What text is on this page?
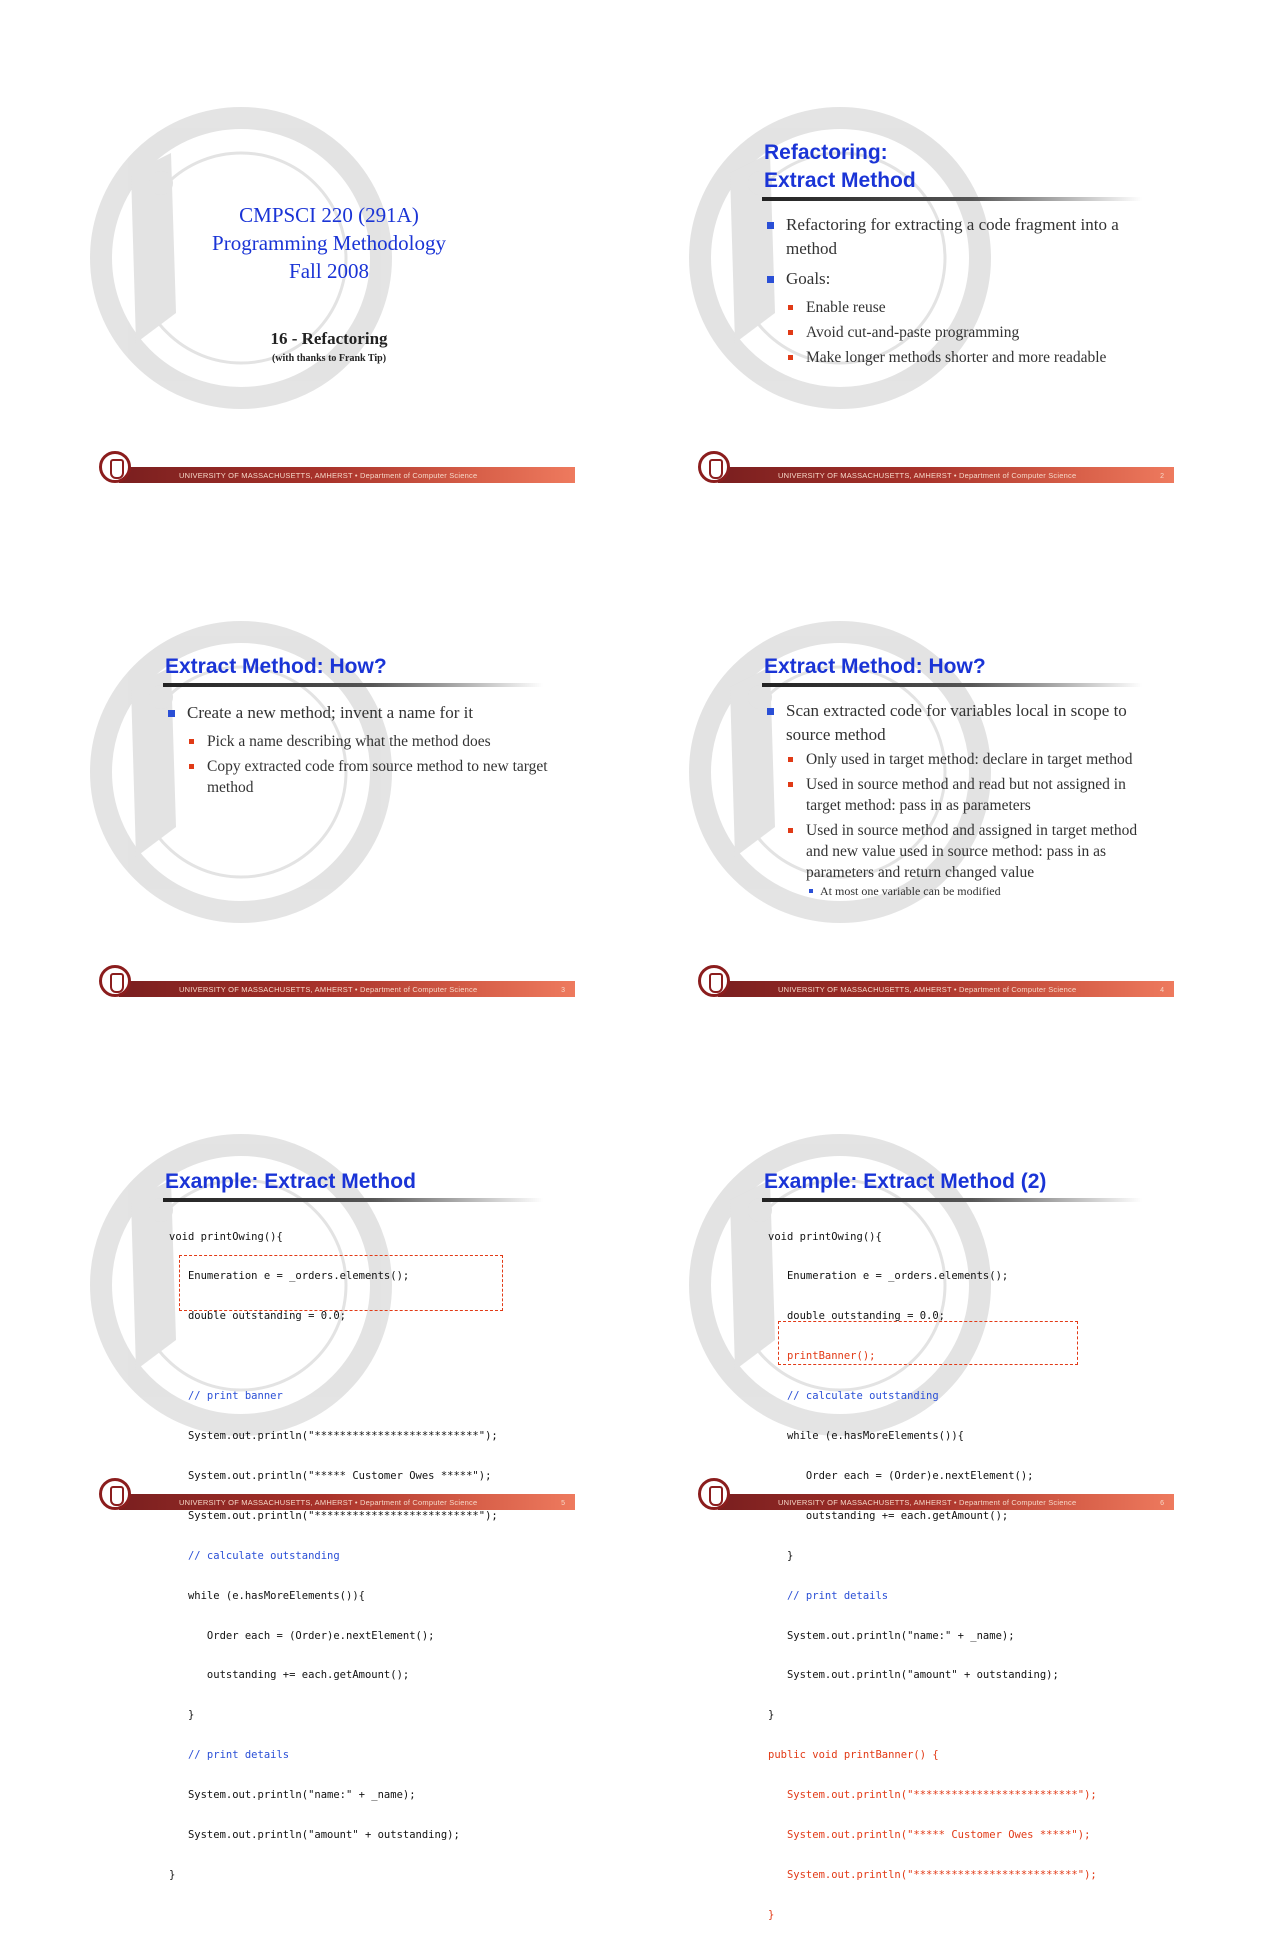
CMPSCI 220 (291A)
Programming Methodology
Fall 2008
16 - Refactoring
(with thanks to Frank Tip)
UNIVERSITY OF MASSACHUSETTS, AMHERST • Department of Computer Science
Refactoring:
Extract Method
Refactoring for extracting a code fragment into a method
Goals:
Enable reuse
Avoid cut-and-paste programming
Make longer methods shorter and more readable
UNIVERSITY OF MASSACHUSETTS, AMHERST • Department of Computer Science	2
Extract Method: How?
Create a new method; invent a name for it
Pick a name describing what the method does
Copy extracted code from source method to new target method
UNIVERSITY OF MASSACHUSETTS, AMHERST • Department of Computer Science	3
Extract Method: How?
Scan extracted code for variables local in scope to source method
Only used in target method: declare in target method
Used in source method and read but not assigned in target method: pass in as parameters
Used in source method and assigned in target method and new value used in source method: pass in as parameters and return changed value
At most one variable can be modified
UNIVERSITY OF MASSACHUSETTS, AMHERST • Department of Computer Science	4
Example: Extract Method

void printOwing(){

Enumeration e = _orders.elements();

double outstanding = 0.0;

// print banner

System.out.println("**************************");

System.out.println("***** Customer Owes *****");

System.out.println("**************************");

// calculate outstanding

while (e.hasMoreElements()){

Order each = (Order)e.nextElement();

outstanding += each.getAmount();

}

// print details

System.out.println("name:" + _name);

System.out.println("amount" + outstanding);

}

UNIVERSITY OF MASSACHUSETTS, AMHERST • Department of Computer Science	5
Example: Extract Method (2)

void printOwing(){

Enumeration e = _orders.elements();

double outstanding = 0.0;

printBanner();

// calculate outstanding

while (e.hasMoreElements()){

Order each = (Order)e.nextElement();

outstanding += each.getAmount();

}

// print details

System.out.println("name:" + _name);

System.out.println("amount" + outstanding);

}

public void printBanner() {

System.out.println("**************************");

System.out.println("***** Customer Owes *****");

System.out.println("**************************");

}

UNIVERSITY OF MASSACHUSETTS, AMHERST • Department of Computer Science	6
